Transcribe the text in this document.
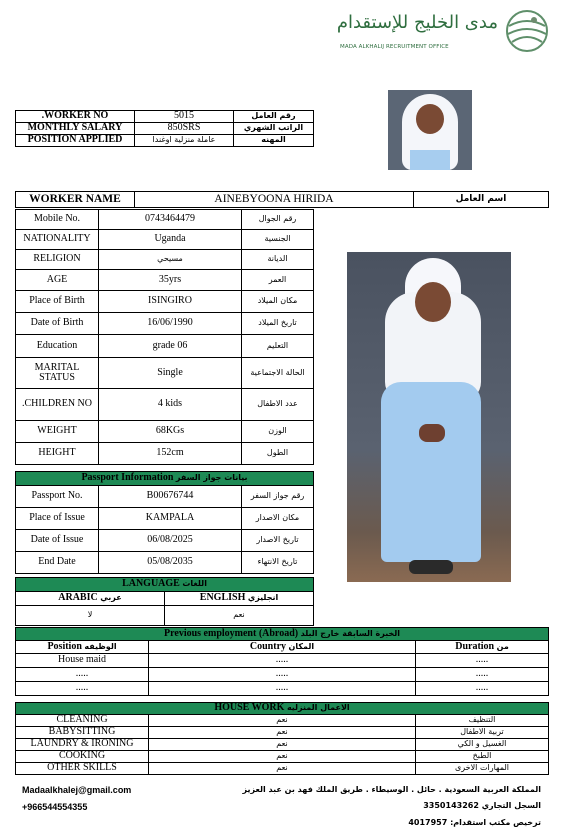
مدى الخليج للإستقدام
MADA ALKHALIJ RECRUITMENT OFFICE
.WORKER NO	5015	رقم العامل
MONTHLY SALARY	850SRS	الراتب الشهري
POSITION APPLIED	عاملة منزلية اوغندا	المهنه
WORKER NAME	AINEBYOONA HIRIDA	اسم العامل
Mobile No.	0743464479	رقم الجوال
NATIONALITY	Uganda	الجنسية
RELIGION	مسيحي	الديانة
AGE	35yrs	العمر
Place of Birth	ISINGIRO	مكان الميلاد
Date of Birth	16/06/1990	تاريخ الميلاد
Education	grade 06	التعليم
MARITAL STATUS	Single	الحالة الاجتماعية
.CHILDREN NO	4 kids	عدد الاطفال
WEIGHT	68KGs	الوزن
HEIGHT	152cm	الطول
Passport Information بيانات جواز السفر		
Passport No.	B00676744	رقم جواز السفر
Place of Issue	KAMPALA	مكان الاصدار
Date of Issue	06/08/2025	تاريخ الاصدار
End Date	05/08/2035	تاريخ الانتهاء
LANGUAGE اللغات	
ARABIC عربي	ENGLISH انجليزي
لا	نعم
Previous employment (Abroad) الخبرة السابقة خارج البلد		
Position الوظيفه	Country المكان	Duration من
House maid	.....	.....
.....	.....	.....
.....	.....	.....
HOUSE WORK الاعمال المنزليه		
CLEANING	نعم	التنظيف
BABYSITTING	نعم	تربية الاطفال
LAUNDRY & IRONING	نعم	الغسيل و الكي
COOKING	نعم	الطبخ
OTHER SKILLS	نعم	المهارات الاخرى
Madaalkhalej@gmail.com
+966544554355
المملكة العربية السعودية . حائل . الوسيطاء . طريق الملك فهد بن عبد العزيز
السجل التجاري 3350143262
ترخيص مكتب استقدام: 4017957
